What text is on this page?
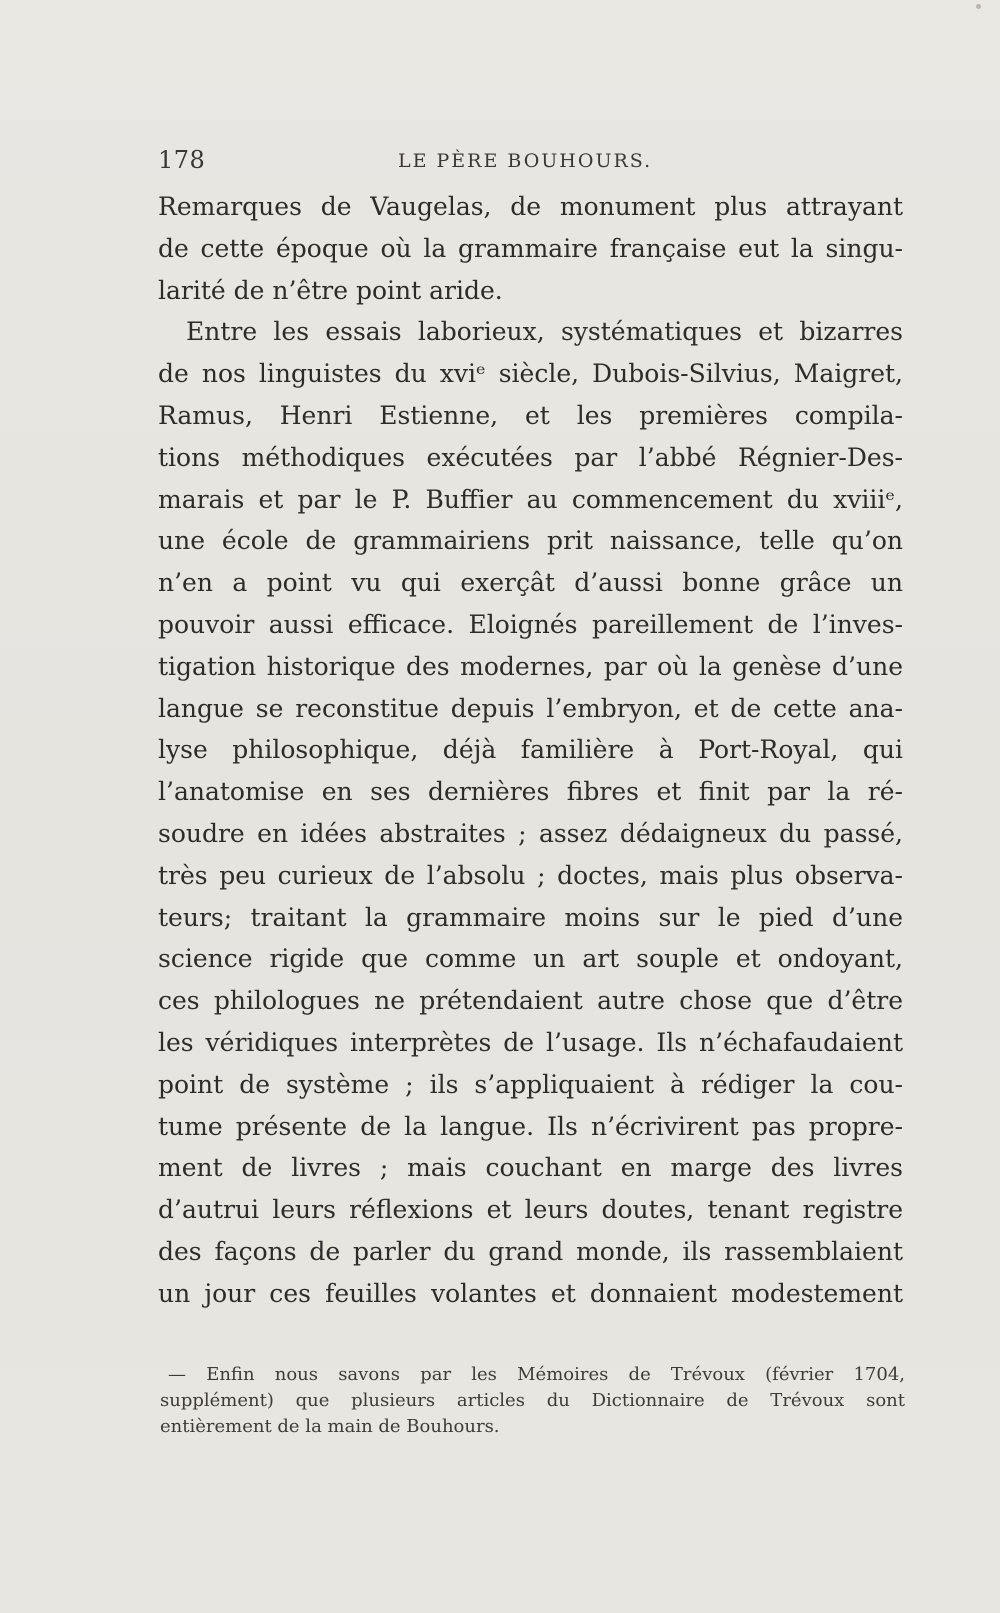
178	LE PÈRE BOUHOURS.
Remarques de Vaugelas, de monument plus attrayant
de cette époque où la grammaire française eut la singu-
larité de n’être point aride.
Entre les essais laborieux, systématiques et bizarres
de nos linguistes du xviᵉ siècle, Dubois-Silvius, Maigret,
Ramus, Henri Estienne, et les premières compila-
tions méthodiques exécutées par l’abbé Régnier-Des-
marais et par le P. Buffier au commencement du xviiiᵉ,
une école de grammairiens prit naissance, telle qu’on
n’en a point vu qui exerçât d’aussi bonne grâce un
pouvoir aussi efficace. Eloignés pareillement de l’inves-
tigation historique des modernes, par où la genèse d’une
langue se reconstitue depuis l’embryon, et de cette ana-
lyse philosophique, déjà familière à Port-Royal, qui
l’anatomise en ses dernières fibres et finit par la ré-
soudre en idées abstraites ; assez dédaigneux du passé,
très peu curieux de l’absolu ; doctes, mais plus observa-
teurs; traitant la grammaire moins sur le pied d’une
science rigide que comme un art souple et ondoyant,
ces philologues ne prétendaient autre chose que d’être
les véridiques interprètes de l’usage. Ils n’échafaudaient
point de système ; ils s’appliquaient à rédiger la cou-
tume présente de la langue. Ils n’écrivirent pas propre-
ment de livres ; mais couchant en marge des livres
d’autrui leurs réflexions et leurs doutes, tenant registre
des façons de parler du grand monde, ils rassemblaient
un jour ces feuilles volantes et donnaient modestement
— Enfin nous savons par les Mémoires de Trévoux (février 1704,
supplément) que plusieurs articles du Dictionnaire de Trévoux sont
entièrement de la main de Bouhours.
